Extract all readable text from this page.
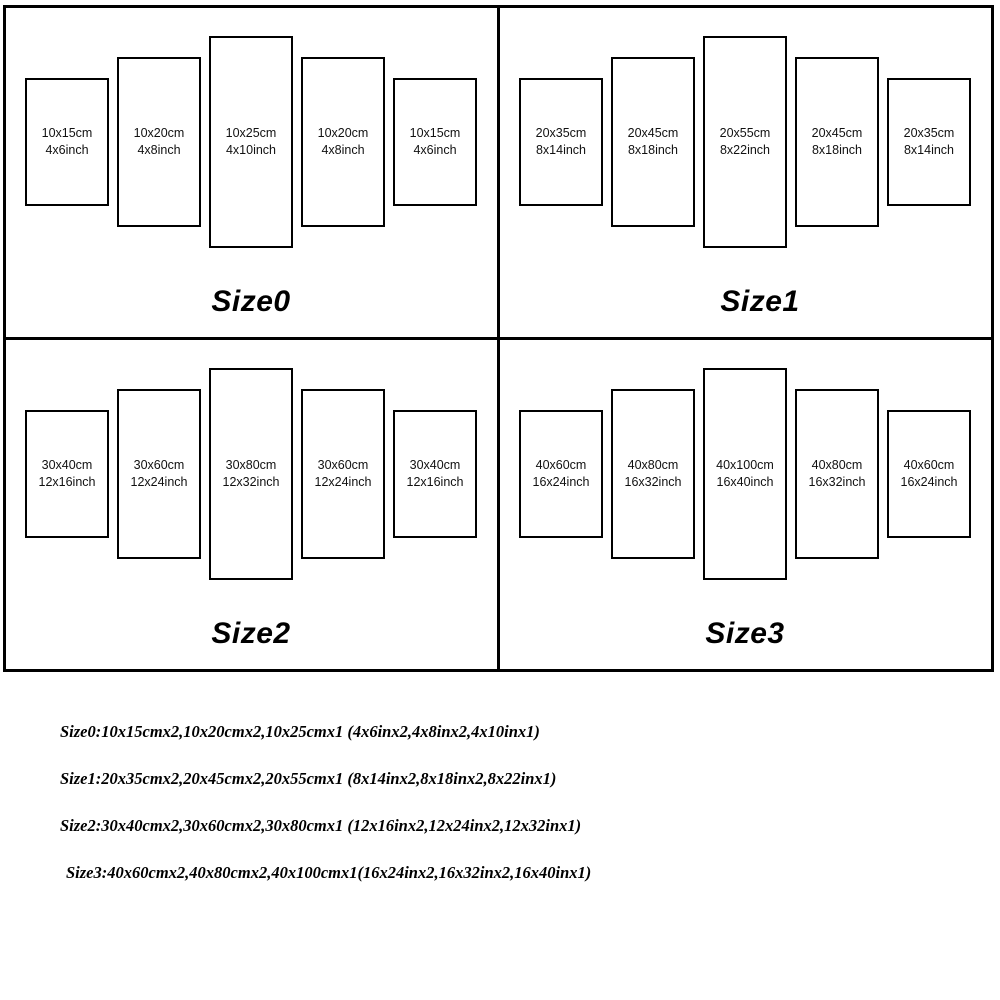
10x15cm
4x6inch
10x20cm
4x8inch
10x25cm
4x10inch
10x20cm
4x8inch
10x15cm
4x6inch
Size0
20x35cm
8x14inch
20x45cm
8x18inch
20x55cm
8x22inch
20x45cm
8x18inch
20x35cm
8x14inch
Size1
30x40cm
12x16inch
30x60cm
12x24inch
30x80cm
12x32inch
30x60cm
12x24inch
30x40cm
12x16inch
Size2
40x60cm
16x24inch
40x80cm
16x32inch
40x100cm
16x40inch
40x80cm
16x32inch
40x60cm
16x24inch
Size3
Size0:10x15cmx2,10x20cmx2,10x25cmx1 (4x6inx2,4x8inx2,4x10inx1)
Size1:20x35cmx2,20x45cmx2,20x55cmx1 (8x14inx2,8x18inx2,8x22inx1)
Size2:30x40cmx2,30x60cmx2,30x80cmx1 (12x16inx2,12x24inx2,12x32inx1)
Size3:40x60cmx2,40x80cmx2,40x100cmx1(16x24inx2,16x32inx2,16x40inx1)
